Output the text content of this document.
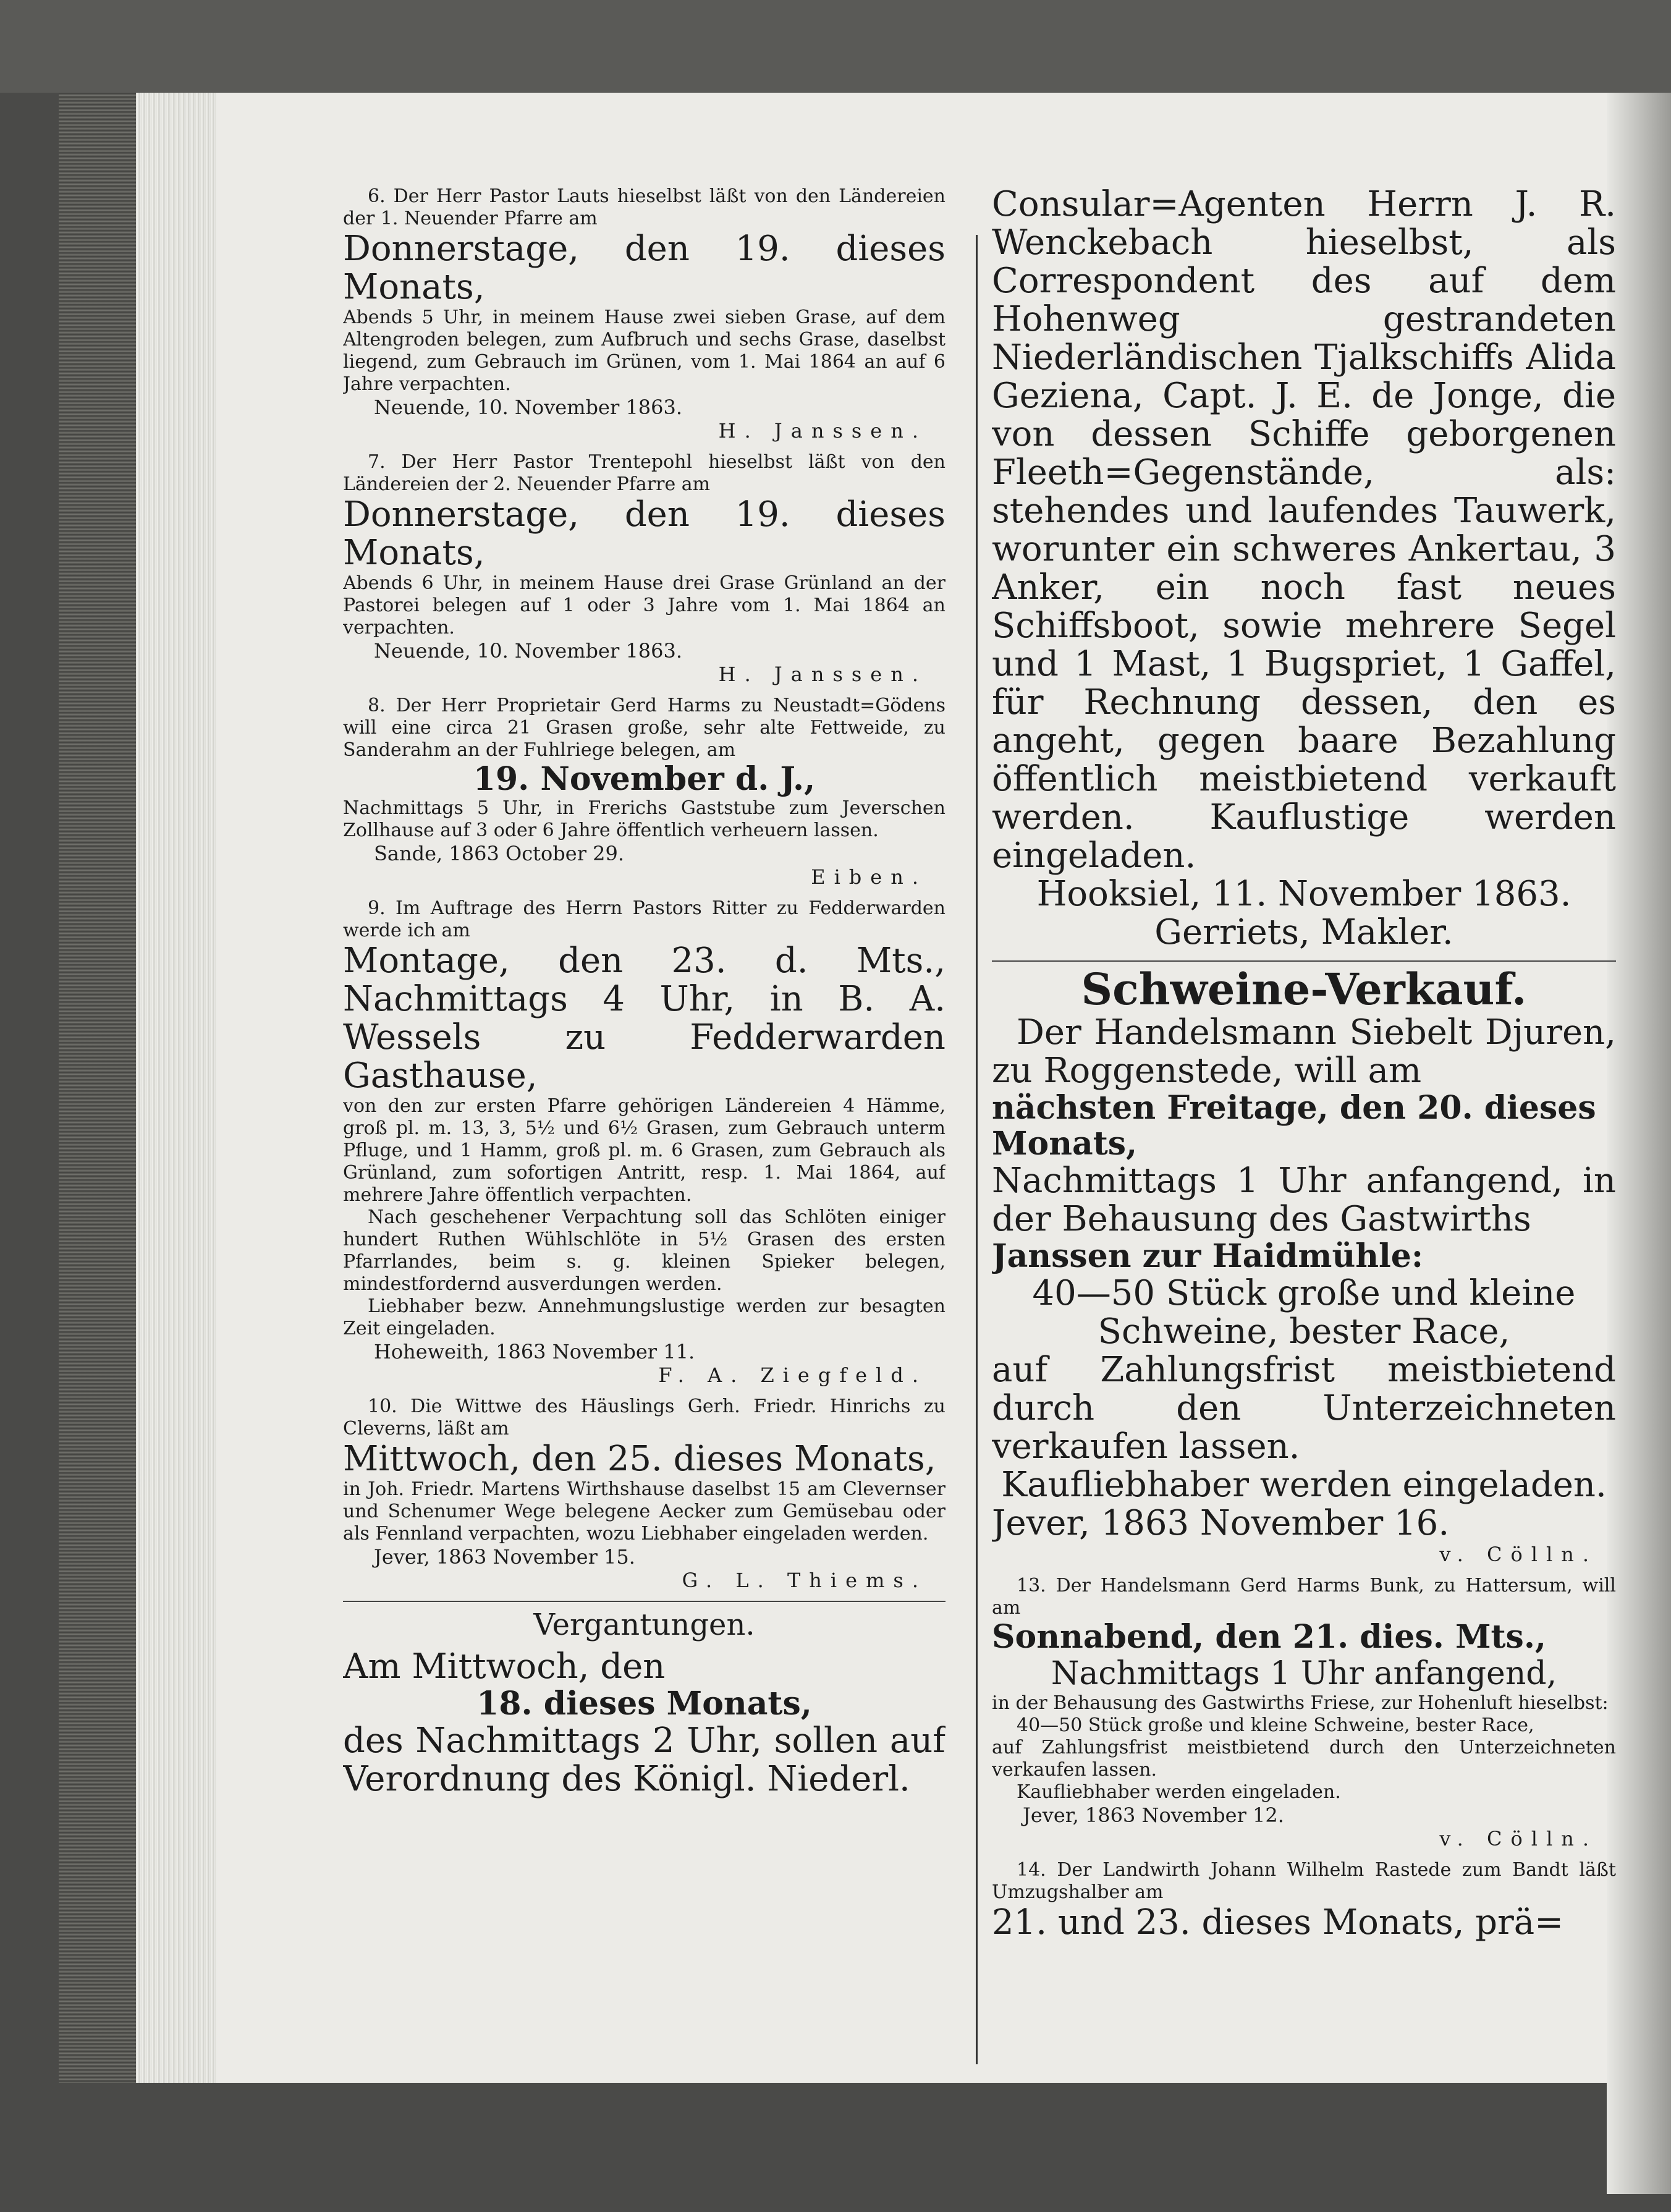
6. Der Herr Pastor Lauts hieselbst läßt von den Ländereien der 1. Neuender Pfarre am

Donnerstage, den 19. dieses Monats,

Abends 5 Uhr, in meinem Hause zwei sieben Grase, auf dem Altengroden belegen, zum Aufbruch und sechs Grase, daselbst liegend, zum Gebrauch im Grünen, vom 1. Mai 1864 an auf 6 Jahre verpachten.

Neuende, 10. November 1863.

H. Janssen.

7. Der Herr Pastor Trentepohl hieselbst läßt von den Ländereien der 2. Neuender Pfarre am

Donnerstage, den 19. dieses Monats,

Abends 6 Uhr, in meinem Hause drei Grase Grünland an der Pastorei belegen auf 1 oder 3 Jahre vom 1. Mai 1864 an verpachten.

Neuende, 10. November 1863.

H. Janssen.

8. Der Herr Proprietair Gerd Harms zu Neustadt=Gödens will eine circa 21 Grasen große, sehr alte Fettweide, zu Sanderahm an der Fuhlriege belegen, am

19. November d. J.,

Nachmittags 5 Uhr, in Frerichs Gaststube zum Jeverschen Zollhause auf 3 oder 6 Jahre öffentlich verheuern lassen.

Sande, 1863 October 29.

Eiben.

9. Im Auftrage des Herrn Pastors Ritter zu Fedderwarden werde ich am

Montage, den 23. d. Mts., Nachmittags 4 Uhr, in B. A. Wessels zu Fedderwarden Gasthause,

von den zur ersten Pfarre gehörigen Ländereien 4 Hämme, groß pl. m. 13, 3, 5½ und 6½ Grasen, zum Gebrauch unterm Pfluge, und 1 Hamm, groß pl. m. 6 Grasen, zum Gebrauch als Grünland, zum sofortigen Antritt, resp. 1. Mai 1864, auf mehrere Jahre öffentlich verpachten.

Nach geschehener Verpachtung soll das Schlöten einiger hundert Ruthen Wühlschlöte in 5½ Grasen des ersten Pfarrlandes, beim s. g. kleinen Spieker belegen, mindestfordernd ausverdungen werden.

Liebhaber bezw. Annehmungslustige werden zur besagten Zeit eingeladen.

Hoheweith, 1863 November 11.

F. A. Ziegfeld.

10. Die Wittwe des Häuslings Gerh. Friedr. Hinrichs zu Cleverns, läßt am

Mittwoch, den 25. dieses Monats,

in Joh. Friedr. Martens Wirthshause daselbst 15 am Clevernser und Schenumer Wege belegene Aecker zum Gemüsebau oder als Fennland verpachten, wozu Liebhaber eingeladen werden.

Jever, 1863 November 15.

G. L. Thiems.

Vergantungen.

Am Mittwoch, den

18. dieses Monats,

des Nachmittags 2 Uhr, sollen auf Verordnung des Königl. Niederl.

Consular=Agenten Herrn J. R. Wenckebach hieselbst, als Correspondent des auf dem Hohenweg gestrandeten Niederländischen Tjalkschiffs Alida Geziena, Capt. J. E. de Jonge, die von dessen Schiffe geborgenen Fleeth=Gegenstände, als: stehendes und laufendes Tauwerk, worunter ein schweres Ankertau, 3 Anker, ein noch fast neues Schiffsboot, sowie mehrere Segel und 1 Mast, 1 Bugspriet, 1 Gaffel, für Rechnung dessen, den es angeht, gegen baare Bezahlung öffentlich meistbietend verkauft werden. Kauflustige werden eingeladen.

Hooksiel, 11. November 1863.

Gerriets, Makler.

Schweine-Verkauf.

Der Handelsmann Siebelt Djuren, zu Roggenstede, will am

nächsten Freitage, den 20. dieses Monats,

Nachmittags 1 Uhr anfangend, in der Behausung des Gastwirths

Janssen zur Haidmühle:

40—50 Stück große und kleine Schweine, bester Race,

auf Zahlungsfrist meistbietend durch den Unterzeichneten verkaufen lassen.

Kaufliebhaber werden eingeladen.

Jever, 1863 November 16.

v. Cölln.

13. Der Handelsmann Gerd Harms Bunk, zu Hattersum, will am

Sonnabend, den 21. dies. Mts.,

Nachmittags 1 Uhr anfangend,

in der Behausung des Gastwirths Friese, zur Hohenluft hieselbst:

40—50 Stück große und kleine Schweine, bester Race,

auf Zahlungsfrist meistbietend durch den Unterzeichneten verkaufen lassen.

Kaufliebhaber werden eingeladen.

Jever, 1863 November 12.

v. Cölln.

14. Der Landwirth Johann Wilhelm Rastede zum Bandt läßt Umzugshalber am

21. und 23. dieses Monats, prä=
